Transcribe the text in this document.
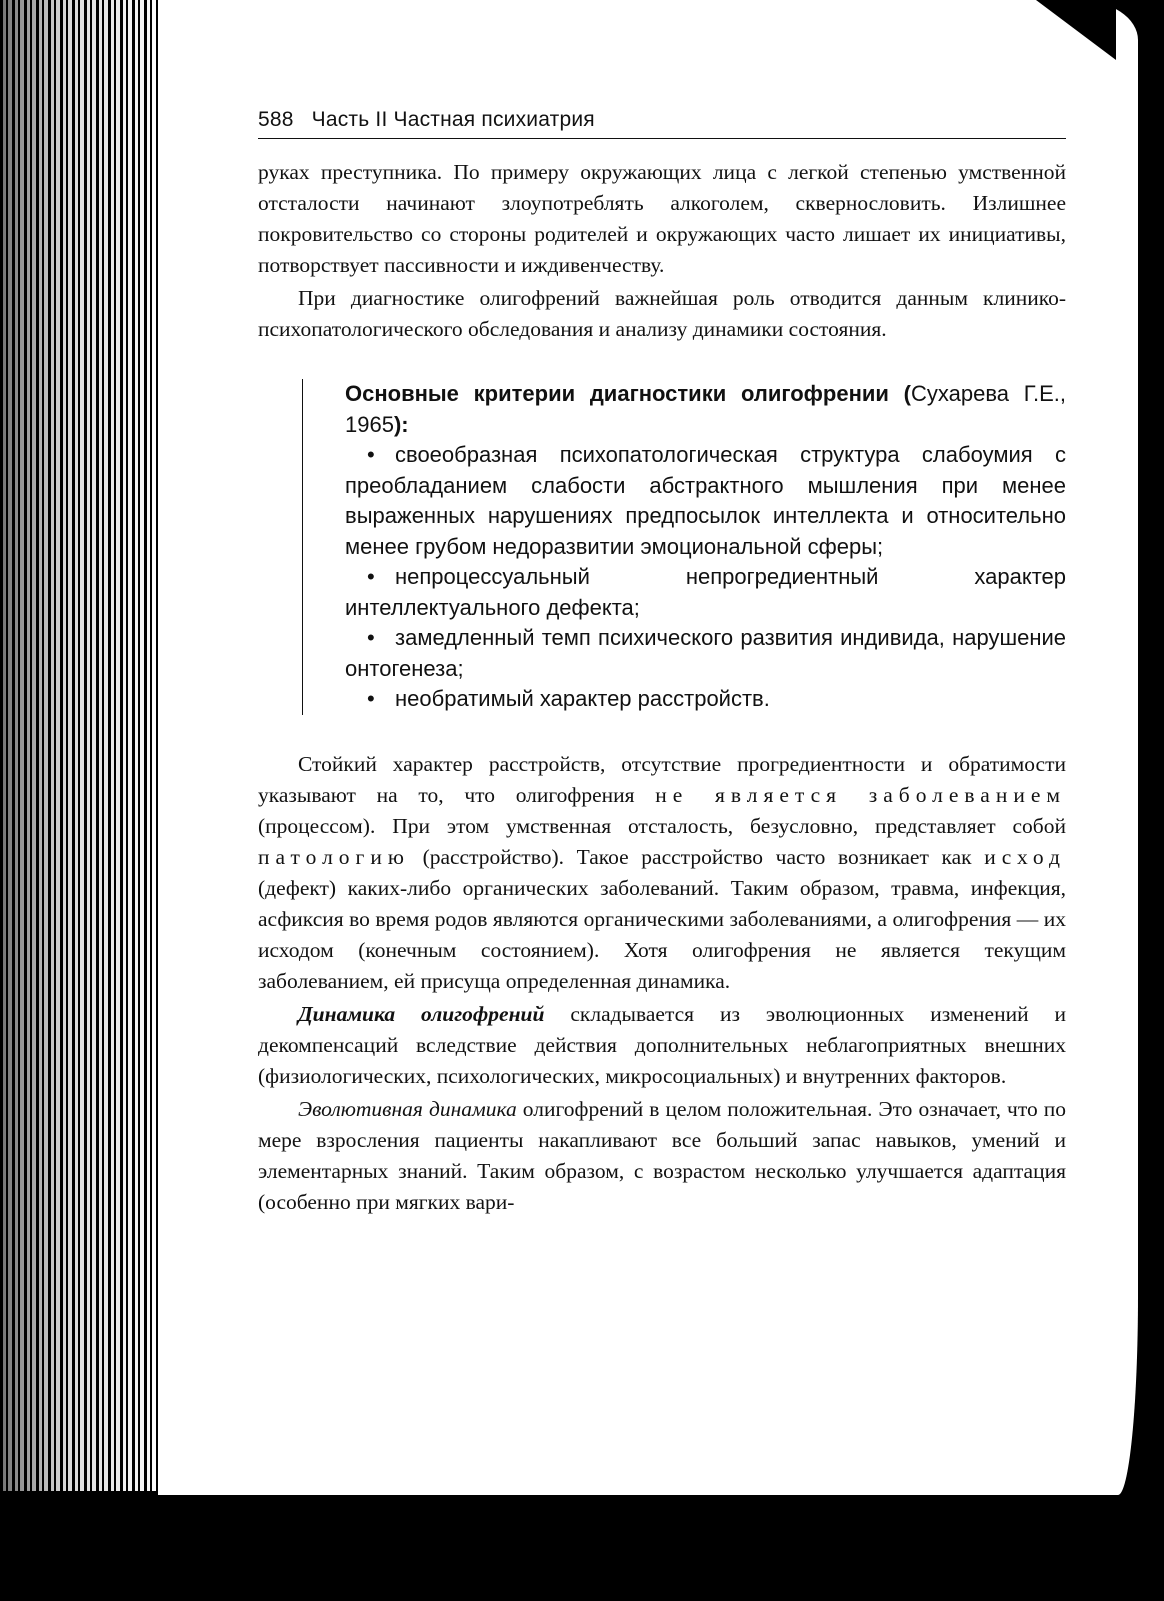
588 Часть II Частная психиатрия

руках преступника. По примеру окружающих лица с легкой степенью умственной отсталости начинают злоупотреблять алкоголем, сквернословить. Излишнее покровительство со стороны родителей и окружающих часто лишает их инициативы, потворствует пассивности и иждивенчеству.

При диагностике олигофрений важнейшая роль отводится данным клинико-психопатологического обследования и анализу динамики состояния.

Основные критерии диагностики олигофрении (Сухарева Г.Е., 1965):

• своеобразная психопатологическая структура слабоумия с преобладанием слабости абстрактного мышления при менее выраженных нарушениях предпосылок интеллекта и относительно менее грубом недоразвитии эмоциональной сферы;
• непроцессуальный непрогредиентный характер интеллектуального дефекта;
• замедленный темп психического развития индивида, нарушение онтогенеза;
• необратимый характер расстройств.

Стойкий характер расстройств, отсутствие прогредиентности и обратимости указывают на то, что олигофрения не является заболеванием (процессом). При этом умственная отсталость, безусловно, представляет собой патологию (расстройство). Такое расстройство часто возникает как исход (дефект) каких-либо органических заболеваний. Таким образом, травма, инфекция, асфиксия во время родов являются органическими заболеваниями, а олигофрения — их исходом (конечным состоянием). Хотя олигофрения не является текущим заболеванием, ей присуща определенная динамика.

Динамика олигофрений складывается из эволюционных изменений и декомпенсаций вследствие действия дополнительных неблагоприятных внешних (физиологических, психологических, микросоциальных) и внутренних факторов.

Эволютивная динамика олигофрений в целом положительная. Это означает, что по мере взросления пациенты накапливают все больший запас навыков, умений и элементарных знаний. Таким образом, с возрастом несколько улучшается адаптация (особенно при мягких вари-
